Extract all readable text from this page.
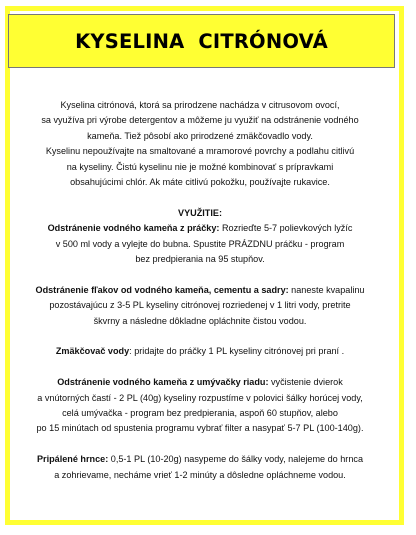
KYSELINA  CITRÓNOVÁ
Kyselina citrónová, ktorá sa prirodzene nachádza v citrusovom ovocí,
sa využíva pri výrobe detergentov a môžeme ju využiť na odstránenie vodného
kameňa. Tiež pôsobí ako prirodzené zmäkčovadlo vody.
Kyselinu nepoužívajte na smaltované a mramorové povrchy a podlahu citlivú
na kyseliny. Čistú kyselinu nie je možné kombinovať s prípravkami
obsahujúcimi chlór. Ak máte citlivú pokožku, používajte rukavice.
VYUŽITIE:
Odstránenie vodného kameňa z práčky: Rozrieďte 5-7 polievkových lyžíc
v 500 ml vody a vylejte do bubna. Spustite PRÁZDNU práčku - program
bez predpierania na 95 stupňov.
Odstránenie fľakov od vodného kameňa, cementu a sadry: naneste kvapalinu
pozostávajúcu z 3-5 PL kyseliny citrónovej rozriedenej v 1 litri vody, pretrite
škvrny a následne dôkladne opláchnite čistou vodou.
Zmäkčovač vody: pridajte do práčky 1 PL kyseliny citrónovej pri praní .
Odstránenie vodného kameňa z umývačky riadu: vyčistenie dvierok
a vnútorných častí - 2 PL (40g) kyseliny rozpustíme v polovici šálky horúcej vody,
celá umývačka - program bez predpierania, aspoň 60 stupňov, alebo
po 15 minútach od spustenia programu vybrať filter a nasypať 5-7 PL (100-140g).
Pripálené hrnce: 0,5-1 PL (10-20g) nasypeme do šálky vody, nalejeme do hrnca
a zohrievame, necháme vrieť 1-2 minúty a dôsledne opláchneme vodou.
